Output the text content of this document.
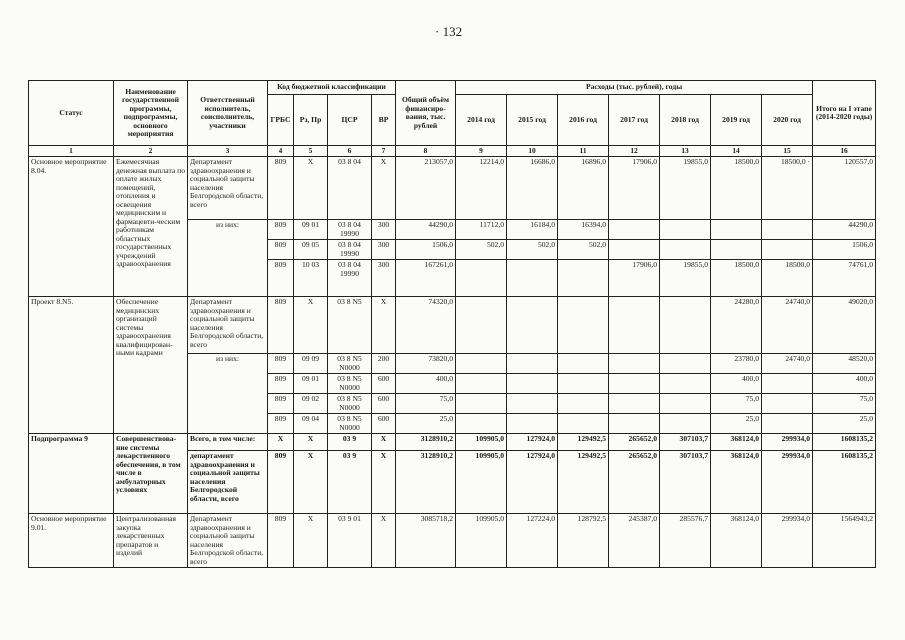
· 132
Статус	Наименование государственной программы, подпрограммы, основного мероприятия	Ответственный исполнитель, соисполнитель, участники	Код бюджетной классификации				Общий объём финансиро-вания, тыс. рублей	Расходы (тыс. рублей), годы							Итого на I этапе (2014-2020 годы)
			ГРБС	Рз, Пр	ЦСР	ВР		2014 год	2015 год	2016 год	2017 год	2018 год	2019 год	2020 год	
1	2	3	4	5	6	7	8	9	10	11	12	13	14	15	16
Основное мероприятие 8.04.	Ежемесячная денежная выплата по оплате жилых помещений, отопления и освещения медицинским и фармацевти-ческим работникам областных государственных учреждений здравоохранения	Департамент здравоохранения и социальной защиты населения Белгородской области, всего	809	X	03 8 04	X	213057,0	12214,0	16686,0	16896,0	17906,0	19855,0	18500,0	18500,0 ·	120557,0
		из них:	809	09 01	03 8 04 19990	300	44290,0	11712,0	16184,0	16394,0					44290,0
			809	09 05	03 8 04 19990	300	1506,0	502,0	502,0	502,0					1506,0
			809	10 03	03 8 04 19990	300	167261,0				17906,0	19855,0	18500,0	18500,0	74761,0
Проект 8.N5.	Обеспечение медицинских организаций системы здравоохранения квалифицирован-ными кадрами	Департамент здравоохранения и социальной защиты населения Белгородской области, всего	809	X	03 8 N5	X	74320,0						24280,0	24740,0	49020,0
		из них:	809	09 09	03 8 N5 N0000	200	73820,0						23780,0	24740,0	48520,0
			809	09 01	03 8 N5 N0000	600	400,0						400,0		400,0
			809	09 02	03 8 N5 N0000	600	75,0						75,0		75,0
			809	09 04	03 8 N5 N0000	600	25,0						25,0		25,0
Подпрограмма 9	Совершенствова-ние системы лекарственного обеспечения, в том числе в амбулаторных условиях	Всего, в том числе:	X	X	03 9	X	3128910,2	109905,0	127924,0	129492,5	265652,0	307103,7	368124,0	299934,0	1608135,2
		департамент здравоохранения и социальной защиты населения Белгородской области, всего	809	X	03 9	X	3128910,2	109905,0	127924,0	129492,5	265652,0	307103,7	368124,0	299934,0	1608135,2
Основное мероприятие 9.01.	Централизованная закупка лекарственных препаратов и изделий	Департамент здравоохранения и социальной защиты населения Белгородской области, всего	809	X	03 9 01	X	3085718,2	109905,0	127224,0	128792,5	245387,0	285576,7	368124,0	299934,0	1564943,2
